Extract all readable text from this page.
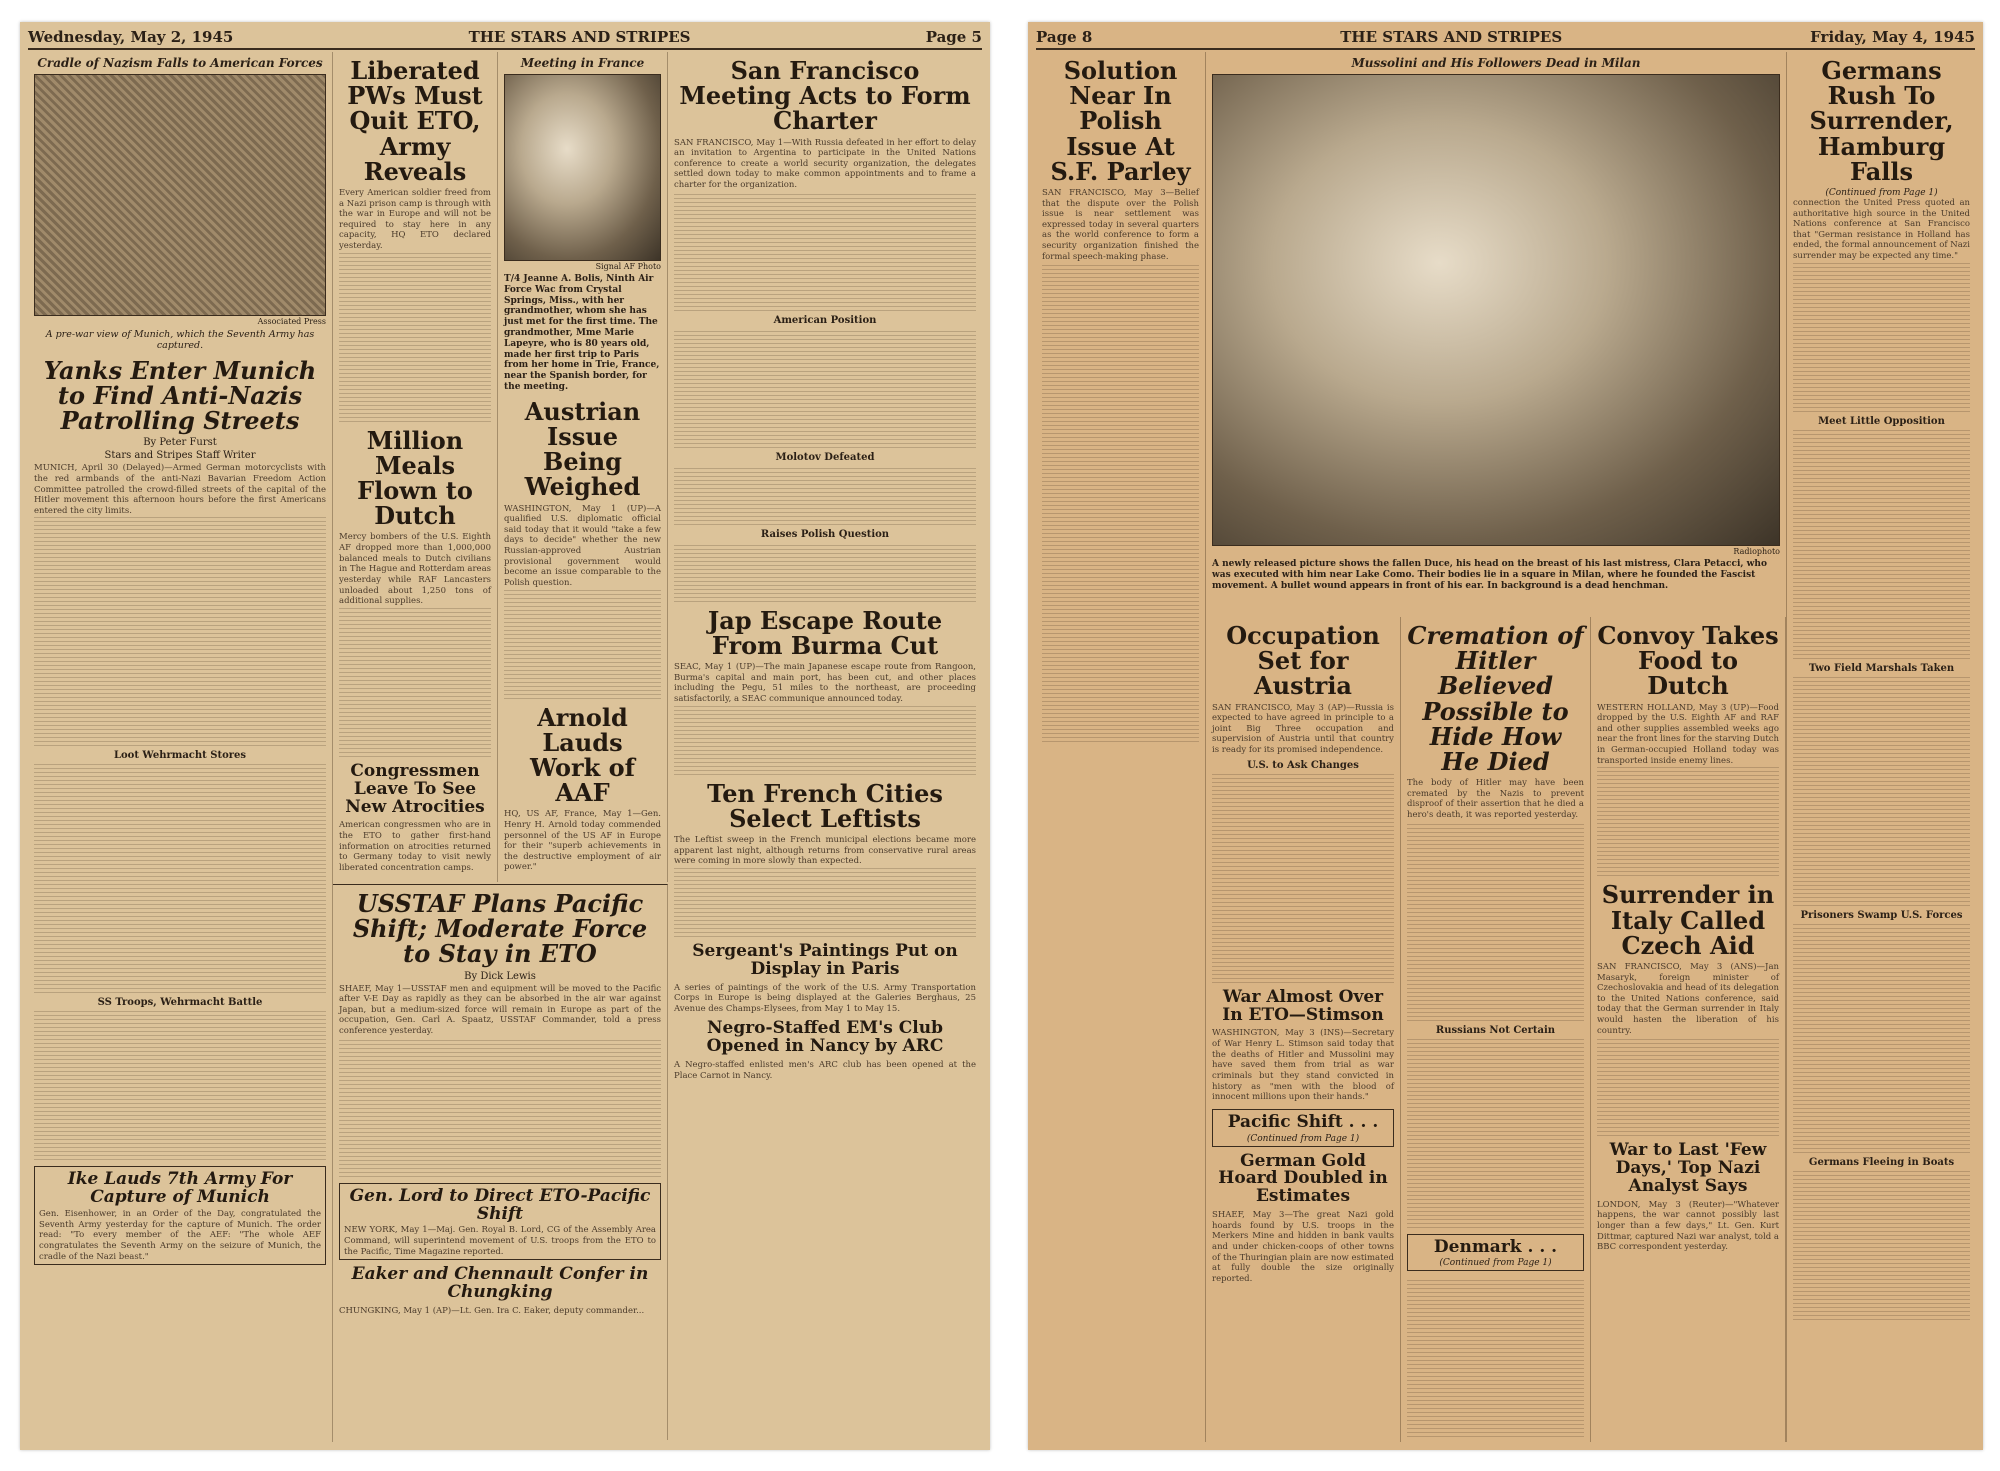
Wednesday, May 2, 1945	THE STARS AND STRIPES	Page 5
Cradle of Nazism Falls to American Forces
Associated Press
A pre-war view of Munich, which the Seventh Army has captured.
Yanks Enter Munich to Find Anti-Nazis Patrolling Streets
By Peter Furst
Stars and Stripes Staff Writer

MUNICH, April 30 (Delayed)—Armed German motorcyclists with the red armbands of the anti-Nazi Bavarian Freedom Action Committee patrolled the crowd-filled streets of the capital of the Hitler movement this afternoon hours before the first Americans entered the city limits.

Loot Wehrmacht Stores
SS Troops, Wehrmacht Battle
Ike Lauds 7th Army For Capture of Munich

Gen. Eisenhower, in an Order of the Day, congratulated the Seventh Army yesterday for the capture of Munich. The order read: "To every member of the AEF: "The whole AEF congratulates the Seventh Army on the seizure of Munich, the cradle of the Nazi beast."

Liberated PWs Must Quit ETO, Army Reveals

Every American soldier freed from a Nazi prison camp is through with the war in Europe and will not be required to stay here in any capacity, HQ ETO declared yesterday.

Million Meals Flown to Dutch

Mercy bombers of the U.S. Eighth AF dropped more than 1,000,000 balanced meals to Dutch civilians in The Hague and Rotterdam areas yesterday while RAF Lancasters unloaded about 1,250 tons of additional supplies.

Congressmen Leave To See New Atrocities

American congressmen who are in the ETO to gather first-hand information on atrocities returned to Germany today to visit newly liberated concentration camps.

Meeting in France
Signal AF Photo
T/4 Jeanne A. Bolis, Ninth Air Force Wac from Crystal Springs, Miss., with her grandmother, whom she has just met for the first time. The grandmother, Mme Marie Lapeyre, who is 80 years old, made her first trip to Paris from her home in Trie, France, near the Spanish border, for the meeting.
Austrian Issue Being Weighed

WASHINGTON, May 1 (UP)—A qualified U.S. diplomatic official said today that it would "take a few days to decide" whether the new Russian-approved Austrian provisional government would become an issue comparable to the Polish question.

Arnold Lauds Work of AAF

HQ, US AF, France, May 1—Gen. Henry H. Arnold today commended personnel of the US AF in Europe for their "superb achievements in the destructive employment of air power."

USSTAF Plans Pacific Shift; Moderate Force to Stay in ETO
By Dick Lewis

SHAEF, May 1—USSTAF men and equipment will be moved to the Pacific after V-E Day as rapidly as they can be absorbed in the air war against Japan, but a medium-sized force will remain in Europe as part of the occupation, Gen. Carl A. Spaatz, USSTAF Commander, told a press conference yesterday.

Gen. Lord to Direct ETO-Pacific Shift

NEW YORK, May 1—Maj. Gen. Royal B. Lord, CG of the Assembly Area Command, will superintend movement of U.S. troops from the ETO to the Pacific, Time Magazine reported.

Eaker and Chennault Confer in Chungking

CHUNGKING, May 1 (AP)—Lt. Gen. Ira C. Eaker, deputy commander...

San Francisco Meeting Acts to Form Charter

SAN FRANCISCO, May 1—With Russia defeated in her effort to delay an invitation to Argentina to participate in the United Nations conference to create a world security organization, the delegates settled down today to make common appointments and to frame a charter for the organization.

American Position
Molotov Defeated
Raises Polish Question
Jap Escape Route From Burma Cut

SEAC, May 1 (UP)—The main Japanese escape route from Rangoon, Burma's capital and main port, has been cut, and other places including the Pegu, 51 miles to the northeast, are proceeding satisfactorily, a SEAC communique announced today.

Ten French Cities Select Leftists

The Leftist sweep in the French municipal elections became more apparent last night, although returns from conservative rural areas were coming in more slowly than expected.

Sergeant's Paintings Put on Display in Paris

A series of paintings of the work of the U.S. Army Transportation Corps in Europe is being displayed at the Galeries Berghaus, 25 Avenue des Champs-Elysees, from May 1 to May 15.

Negro-Staffed EM's Club Opened in Nancy by ARC

A Negro-staffed enlisted men's ARC club has been opened at the Place Carnot in Nancy.

Page 8	THE STARS AND STRIPES	Friday, May 4, 1945
Solution Near In Polish Issue At S.F. Parley

SAN FRANCISCO, May 3—Belief that the dispute over the Polish issue is near settlement was expressed today in several quarters as the world conference to form a security organization finished the formal speech-making phase.

Mussolini and His Followers Dead in Milan
Radiophoto
A newly released picture shows the fallen Duce, his head on the breast of his last mistress, Clara Petacci, who was executed with him near Lake Como. Their bodies lie in a square in Milan, where he founded the Fascist movement. A bullet wound appears in front of his ear. In background is a dead henchman.
Germans Rush To Surrender, Hamburg Falls
(Continued from Page 1)

connection the United Press quoted an authoritative high source in the United Nations conference at San Francisco that "German resistance in Holland has ended, the formal announcement of Nazi surrender may be expected any time."

Meet Little Opposition
Two Field Marshals Taken
Prisoners Swamp U.S. Forces
Germans Fleeing in Boats
Occupation Set for Austria

SAN FRANCISCO, May 3 (AP)—Russia is expected to have agreed in principle to a joint Big Three occupation and supervision of Austria until that country is ready for its promised independence.

U.S. to Ask Changes
War Almost Over In ETO—Stimson

WASHINGTON, May 3 (INS)—Secretary of War Henry L. Stimson said today that the deaths of Hitler and Mussolini may have saved them from trial as war criminals but they stand convicted in history as "men with the blood of innocent millions upon their hands."

Pacific Shift . . .
(Continued from Page 1)
German Gold Hoard Doubled in Estimates

SHAEF, May 3—The great Nazi gold hoards found by U.S. troops in the Merkers Mine and hidden in bank vaults and under chicken-coops of other towns of the Thuringian plain are now estimated at fully double the size originally reported.

Cremation of Hitler Believed Possible to Hide How He Died

The body of Hitler may have been cremated by the Nazis to prevent disproof of their assertion that he died a hero's death, it was reported yesterday.

Russians Not Certain
Denmark . . .
(Continued from Page 1)
Convoy Takes Food to Dutch

WESTERN HOLLAND, May 3 (UP)—Food dropped by the U.S. Eighth AF and RAF and other supplies assembled weeks ago near the front lines for the starving Dutch in German-occupied Holland today was transported inside enemy lines.

Surrender in Italy Called Czech Aid

SAN FRANCISCO, May 3 (ANS)—Jan Masaryk, foreign minister of Czechoslovakia and head of its delegation to the United Nations conference, said today that the German surrender in Italy would hasten the liberation of his country.

War to Last 'Few Days,' Top Nazi Analyst Says

LONDON, May 3 (Reuter)—"Whatever happens, the war cannot possibly last longer than a few days," Lt. Gen. Kurt Dittmar, captured Nazi war analyst, told a BBC correspondent yesterday.
